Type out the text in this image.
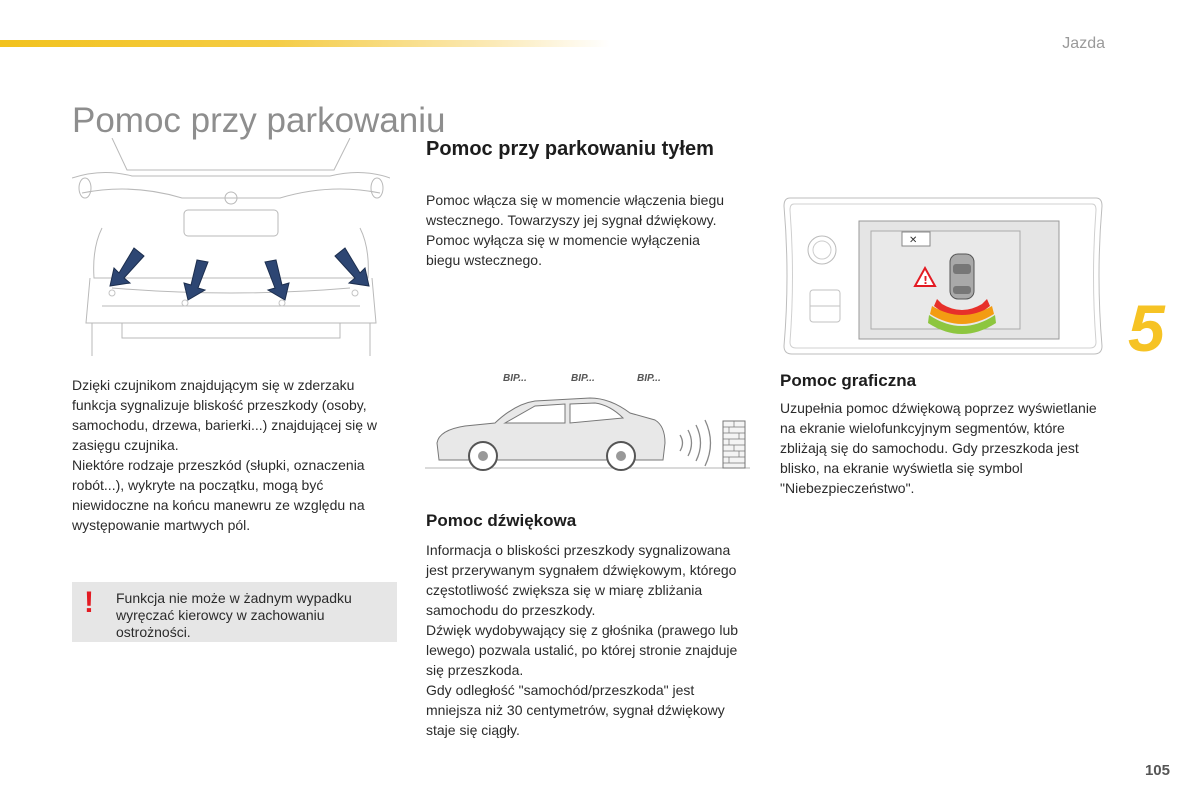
Jazda
Pomoc przy parkowaniu
5
105

Dzięki czujnikom znajdującym się w zderzaku funkcja sygnalizuje bliskość przeszkody (osoby, samochodu, drzewa, barierki...) znajdującej się w zasięgu czujnika.

Niektóre rodzaje przeszkód (słupki, oznaczenia robót...), wykryte na początku, mogą być niewidoczne na końcu manewru ze względu na występowanie martwych pól.

! Funkcja nie może w żadnym wypadku wyręczać kierowcy w zachowaniu ostrożności.
Pomoc przy parkowaniu tyłem

Pomoc włącza się w momencie włączenia biegu wstecznego. Towarzyszy jej sygnał dźwiękowy.

Pomoc wyłącza się w momencie wyłączenia biegu wstecznego.

BIP...	BIP...	BIP...
Pomoc dźwiękowa

Informacja o bliskości przeszkody sygnalizowana jest przerywanym sygnałem dźwiękowym, którego częstotliwość zwiększa się w miarę zbliżania samochodu do przeszkody.

Dźwięk wydobywający się z głośnika (prawego lub lewego) pozwala ustalić, po której stronie znajduje się przeszkoda.

Gdy odległość "samochód/przeszkoda" jest mniejsza niż 30 centymetrów, sygnał dźwiękowy staje się ciągły.

✕
!
Pomoc graficzna
Uzupełnia pomoc dźwiękową poprzez wyświetlanie na ekranie wielofunkcyjnym segmentów, które zbliżają się do samochodu. Gdy przeszkoda jest blisko, na ekranie wyświetla się symbol "Niebezpieczeństwo".
